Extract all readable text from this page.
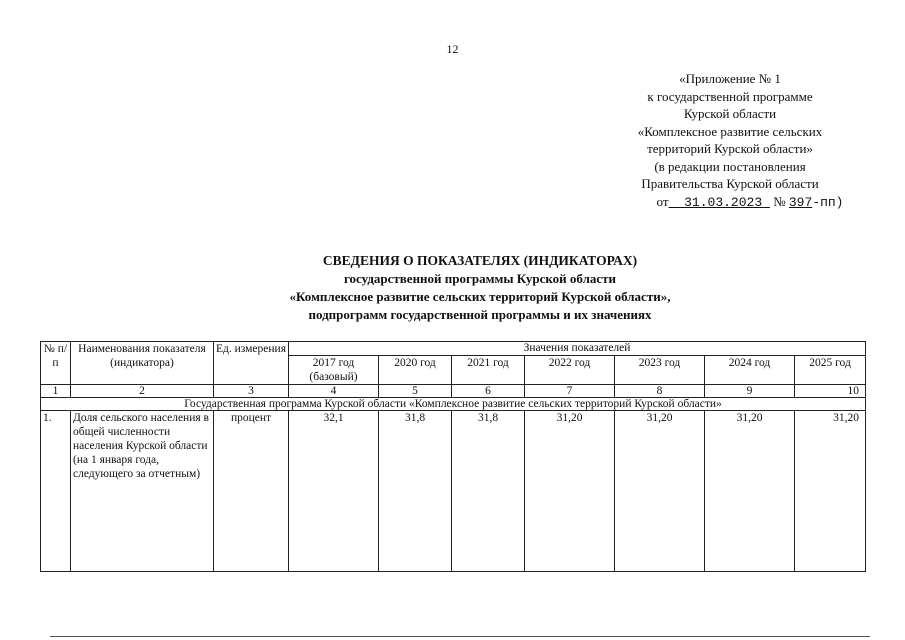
12
«Приложение № 1
к государственной программе
Курской области
«Комплексное развитие сельских
территорий Курской области»
(в редакции постановления
Правительства Курской области
от 31.03.2023 № 397-пп)
СВЕДЕНИЯ О ПОКАЗАТЕЛЯХ (ИНДИКАТОРАХ)
государственной программы Курской области
«Комплексное развитие сельских территорий Курской области»,
подпрограмм государственной программы и их значениях
№ п/п	Наименования показателя (индикатора)	Ед. измерения	Значения показателей						
			2017 год (базовый)	2020 год	2021 год	2022 год	2023 год	2024 год	2025 год
1	2	3	4	5	6	7	8	9	10
Государственная программа Курской области «Комплексное развитие сельских территорий Курской области»									
1.	Доля сельского населения в общей численности населения Курской области (на 1 января года, следующего за отчетным)	процент	32,1	31,8	31,8	31,20	31,20	31,20	31,20
